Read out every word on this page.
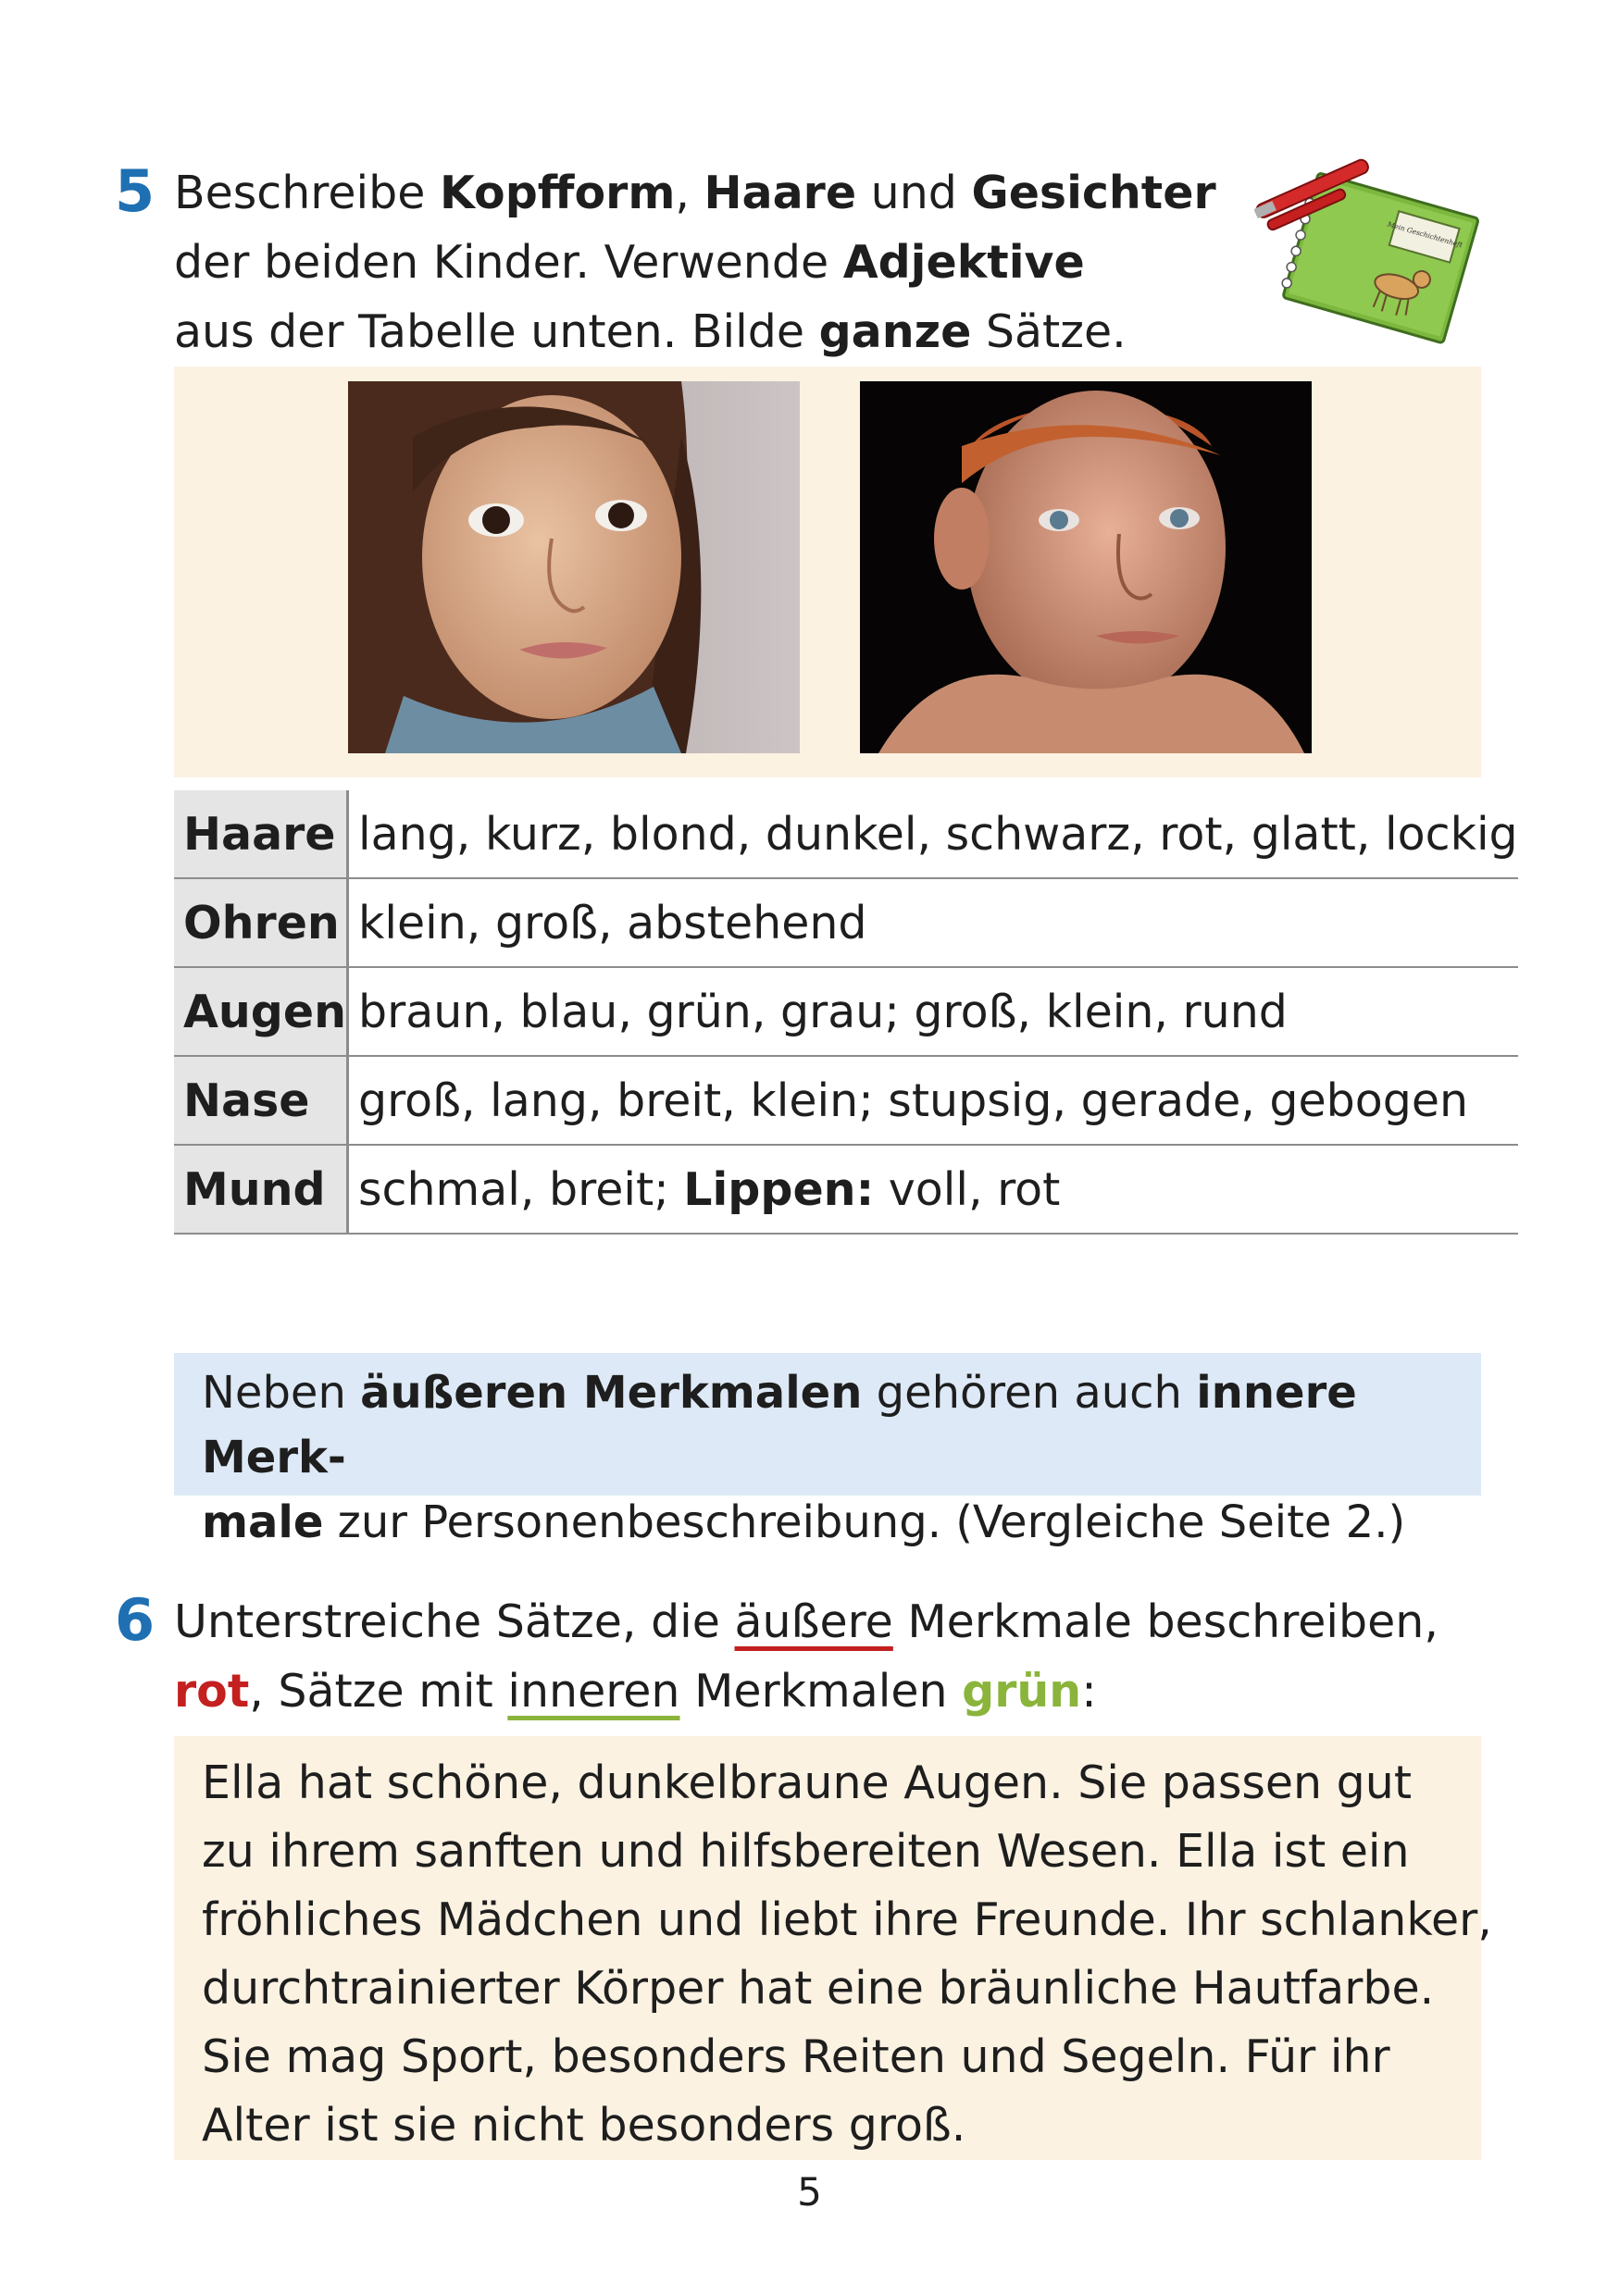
5 Beschreibe Kopfform, Haare und Gesichter
der beiden Kinder. Verwende Adjektive
aus der Tabelle unten. Bilde ganze Sätze.
Mein Geschichtenheft
Haare	lang, kurz, blond, dunkel, schwarz, rot, glatt, lockig
Ohren	klein, groß, abstehend
Augen	braun, blau, grün, grau; groß, klein, rund
Nase	groß, lang, breit, klein; stupsig, gerade, gebogen
Mund	schmal, breit; Lippen: voll, rot
Neben äußeren Merkmalen gehören auch innere Merk-
male zur Personenbeschreibung. (Vergleiche Seite 2.)
6 Unterstreiche Sätze, die äußere Merkmale beschreiben,
rot, Sätze mit inneren Merkmalen grün:
Ella hat schöne, dunkelbraune Augen. Sie passen gut
zu ihrem sanften und hilfsbereiten Wesen. Ella ist ein
fröhliches Mädchen und liebt ihre Freunde. Ihr schlanker,
durchtrainierter Körper hat eine bräunliche Hautfarbe.
Sie mag Sport, besonders Reiten und Segeln. Für ihr
Alter ist sie nicht besonders groß.
5
